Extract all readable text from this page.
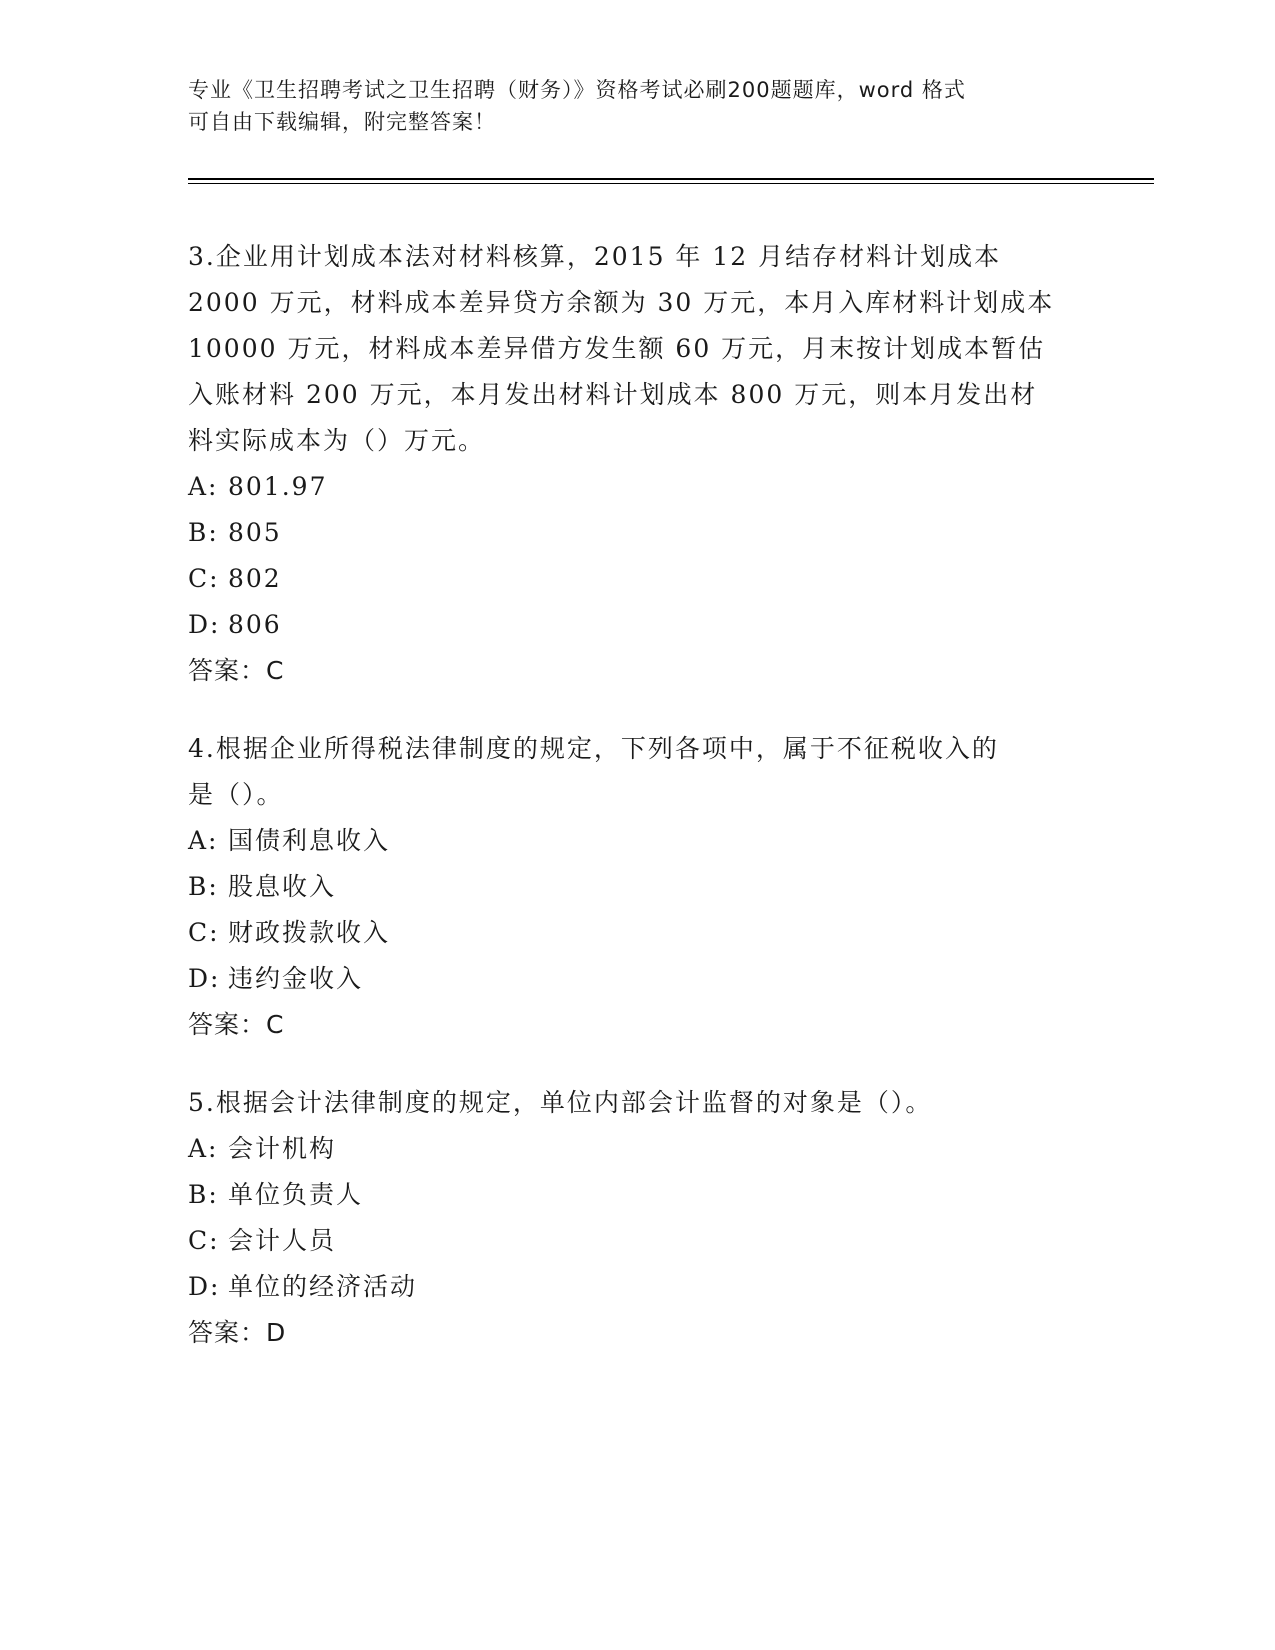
专业《卫生招聘考试之卫生招聘（财务）》资格考试必刷200题题库，word 格式
可自由下载编辑，附完整答案！
3.企业用计划成本法对材料核算，2015 年 12 月结存材料计划成本
2000 万元，材料成本差异贷方余额为 30 万元，本月入库材料计划成本
10000 万元，材料成本差异借方发生额 60 万元，月末按计划成本暂估
入账材料 200 万元，本月发出材料计划成本 800 万元，则本月发出材
料实际成本为（）万元。
A: 801.97
B: 805
C: 802
D: 806
答案：C
4.根据企业所得税法律制度的规定，下列各项中，属于不征税收入的
是（）。
A: 国债利息收入
B: 股息收入
C: 财政拨款收入
D: 违约金收入
答案：C
5.根据会计法律制度的规定，单位内部会计监督的对象是（）。
A: 会计机构
B: 单位负责人
C: 会计人员
D: 单位的经济活动
答案：D
